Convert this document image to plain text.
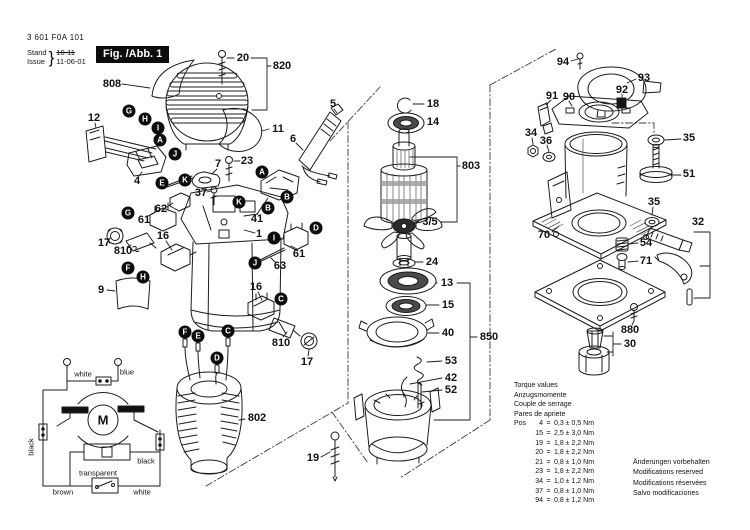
3 601 F0A 101
Stand
Issue } 10-11
11-06-01
Fig. /Abb. 1
808
20
820
11
12
5
6
23
7
37
4
62
61
17
810
16
9
41
1
61
63
16
810
17
802
19
18
14
803
3/5
24
13
15
40 850
53
42
52
94
93
92
91 90
34
36	35
51
70
35
32
54
71
880
30
G
H
I
A
J
E	K
G
F
H
A
B
B
K
I
D
J
C
F E
C
D
white	blue
black
black
transparent
brown	white
M
Torque values
Anzugsmomente
Couple de serrage
Pares de apriete
Pos	4 = 0,3 ± 0,5 Nm
15 = 2,5 ± 3,0 Nm
19 = 1,8 ± 2,2 Nm
20 = 1,8 ± 2,2 Nm
21 = 0,8 ± 1,0 Nm
23 = 1,8 ± 2,2 Nm
34 = 1,0 ± 1,2 Nm
37 = 0,8 ± 1,0 Nm
94 = 0,8 ± 1,2 Nm
Änderungen vorbehalten
Modifications reserved
Modifications réservées
Salvo modificaciones
